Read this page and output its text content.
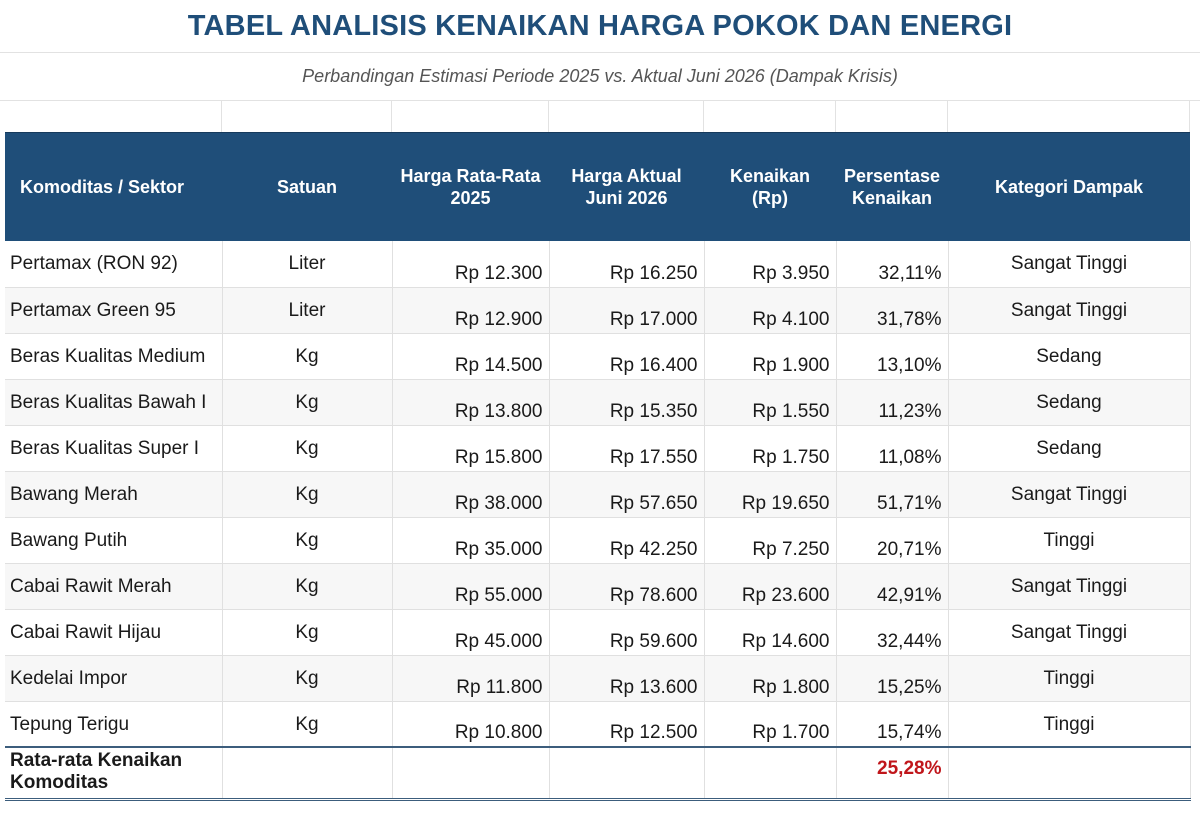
TABEL ANALISIS KENAIKAN HARGA POKOK DAN ENERGI
Perbandingan Estimasi Periode 2025 vs. Aktual Juni 2026 (Dampak Krisis)
Komoditas / Sektor	Satuan	Harga Rata-Rata 2025	Harga Aktual Juni 2026	Kenaikan (Rp)	Persentase Kenaikan	Kategori Dampak
Pertamax (RON 92)	Liter	Rp 12.300	Rp 16.250	Rp 3.950	32,11%	Sangat Tinggi
Pertamax Green 95	Liter	Rp 12.900	Rp 17.000	Rp 4.100	31,78%	Sangat Tinggi
Beras Kualitas Medium	Kg	Rp 14.500	Rp 16.400	Rp 1.900	13,10%	Sedang
Beras Kualitas Bawah I	Kg	Rp 13.800	Rp 15.350	Rp 1.550	11,23%	Sedang
Beras Kualitas Super I	Kg	Rp 15.800	Rp 17.550	Rp 1.750	11,08%	Sedang
Bawang Merah	Kg	Rp 38.000	Rp 57.650	Rp 19.650	51,71%	Sangat Tinggi
Bawang Putih	Kg	Rp 35.000	Rp 42.250	Rp 7.250	20,71%	Tinggi
Cabai Rawit Merah	Kg	Rp 55.000	Rp 78.600	Rp 23.600	42,91%	Sangat Tinggi
Cabai Rawit Hijau	Kg	Rp 45.000	Rp 59.600	Rp 14.600	32,44%	Sangat Tinggi
Kedelai Impor	Kg	Rp 11.800	Rp 13.600	Rp 1.800	15,25%	Tinggi
Tepung Terigu	Kg	Rp 10.800	Rp 12.500	Rp 1.700	15,74%	Tinggi
Rata-rata Kenaikan Komoditas					25,28%	
